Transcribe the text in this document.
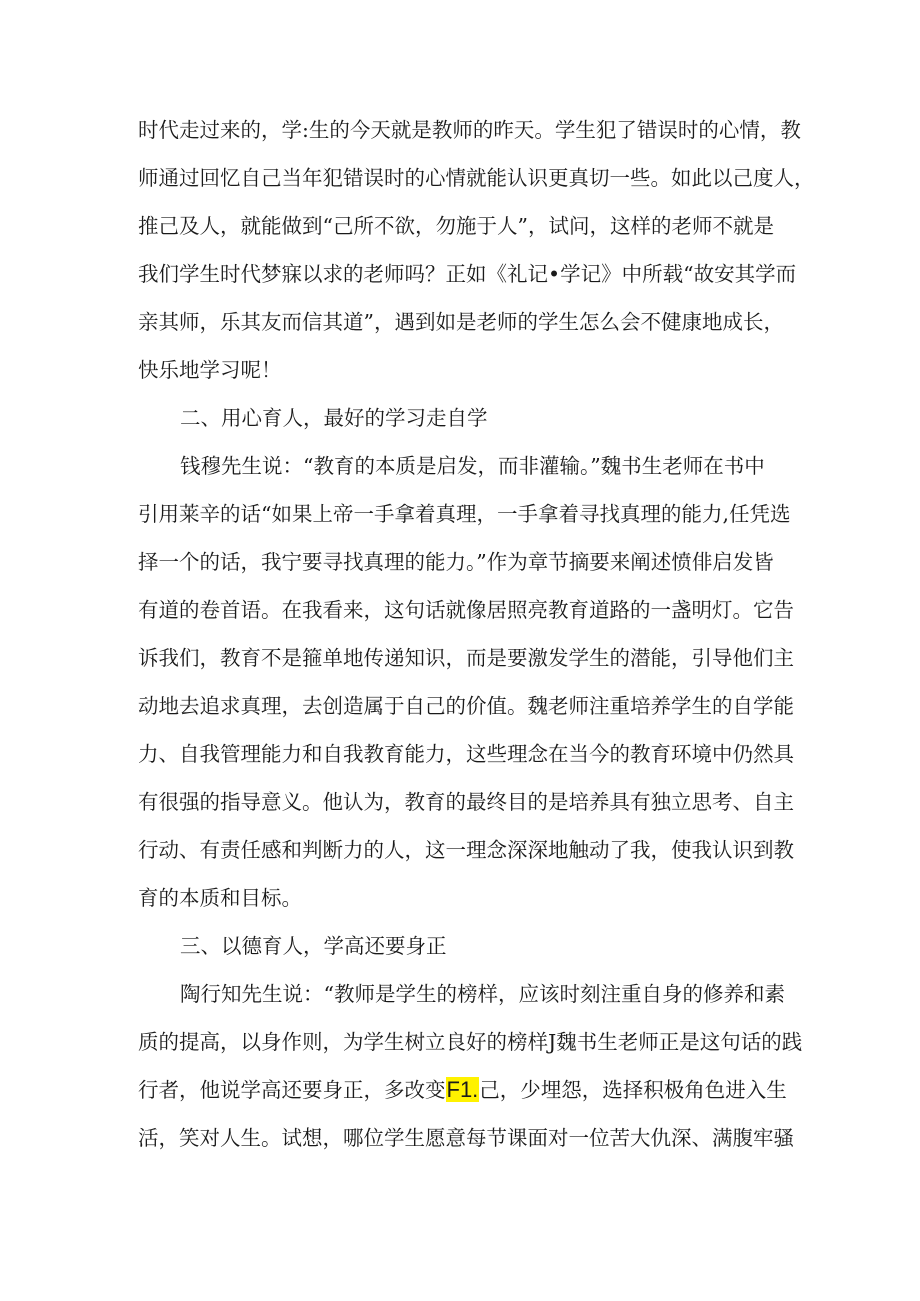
时代走过来的，学:生的今天就是教师的昨天。学生犯了错误时的心情，教
师通过回忆自己当年犯错误时的心情就能认识更真切一些。如此以己度人，
推己及人，就能做到“己所不欲，勿施于人”，试问，这样的老师不就是
我们学生时代梦寐以求的老师吗？正如《礼记•学记》中所载“故安其学而
亲其师，乐其友而信其道”，遇到如是老师的学生怎么会不健康地成长，
快乐地学习呢！
二、用心育人，最好的学习走自学
钱穆先生说：“教育的本质是启发，而非灌输。”魏书生老师在书中
引用莱辛的话“如果上帝一手拿着真理，一手拿着寻找真理的能力,任凭选
择一个的话，我宁要寻找真理的能力。”作为章节摘要来阐述愤俳启发皆
有道的卷首语。在我看来，这句话就像居照亮教育道路的一盏明灯。它告
诉我们，教育不是箍单地传递知识，而是要激发学生的潜能，引导他们主
动地去追求真理，去创造属于自己的价值。魏老师注重培养学生的自学能
力、自我管理能力和自我教育能力，这些理念在当今的教育环境中仍然具
有很强的指导意义。他认为，教育的最终目的是培养具有独立思考、自主
行动、有责任感和判断力的人，这一理念深深地触动了我，使我认识到教
育的本质和目标。
三、以德育人，学高还要身正
陶行知先生说：“教师是学生的榜样，应该时刻注重自身的修养和素
质的提高，以身作则，为学生树立良好的榜样J魏书生老师正是这句话的践
行者，他说学高还要身正，多改变F1.己，少埋怨，选择积极角色进入生
活，笑对人生。试想，哪位学生愿意每节课面对一位苦大仇深、满腹牢骚
